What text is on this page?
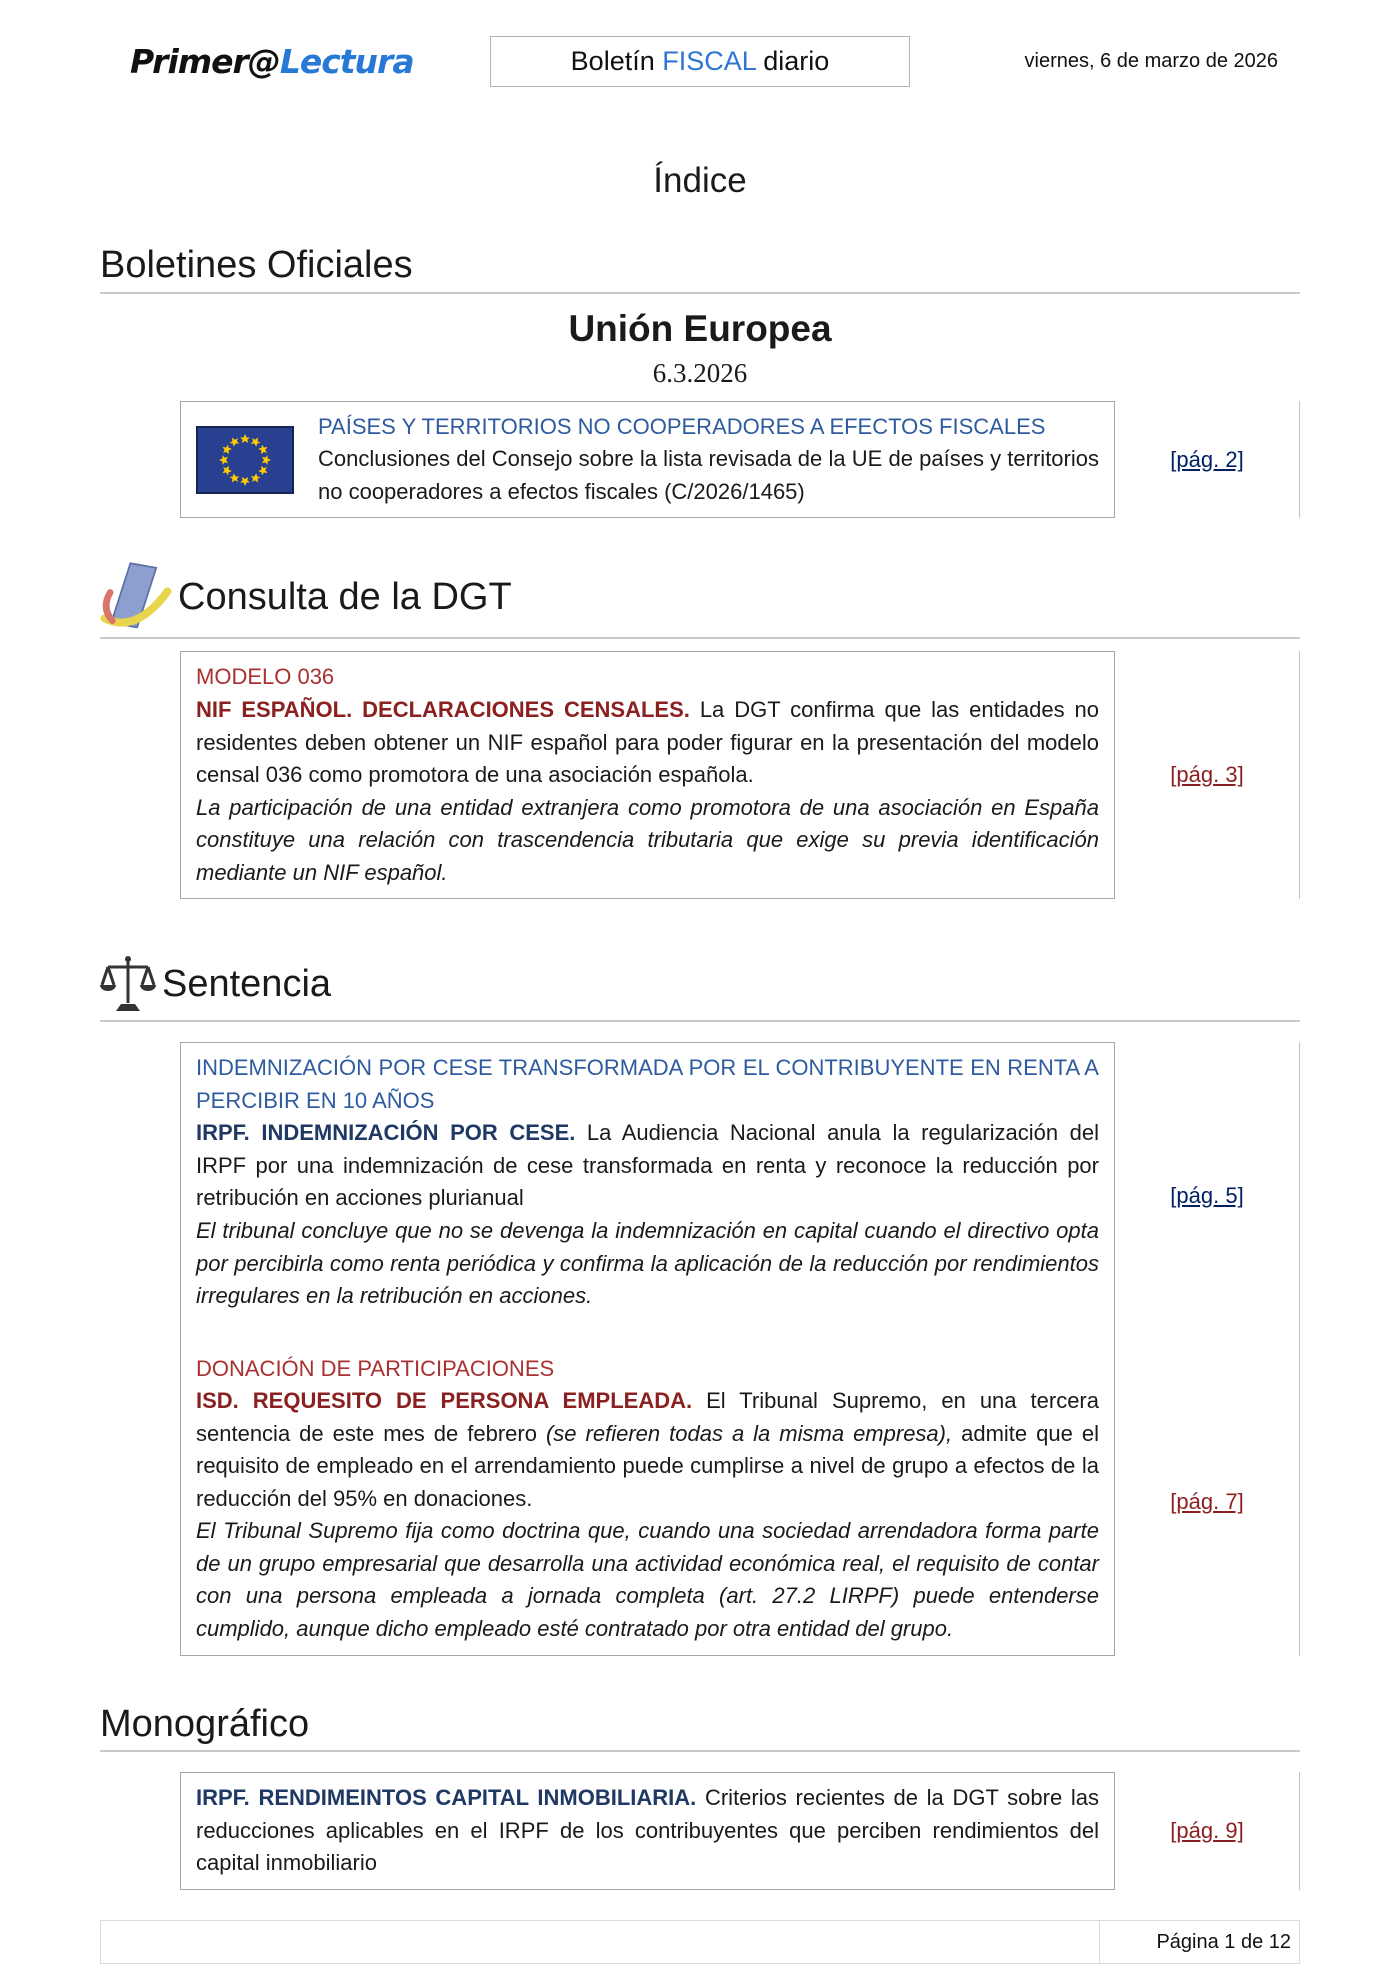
Primer@Lectura	Boletín FISCAL diario	viernes, 6 de marzo de 2026
Índice
Boletines Oficiales
Unión Europea
6.3.2026

PAÍSES Y TERRITORIOS NO COOPERADORES A EFECTOS FISCALES

Conclusiones del Consejo sobre la lista revisada de la UE de países y territorios no cooperadores a efectos fiscales (C/2026/1465)

[pág. 2]
Consulta de la DGT

MODELO 036

NIF ESPAÑOL. DECLARACIONES CENSALES. La DGT confirma que las entidades no residentes deben obtener un NIF español para poder figurar en la presentación del modelo censal 036 como promotora de una asociación española.

La participación de una entidad extranjera como promotora de una asociación en España constituye una relación con trascendencia tributaria que exige su previa identificación mediante un NIF español.

[pág. 3]
Sentencia

INDEMNIZACIÓN POR CESE TRANSFORMADA POR EL CONTRIBUYENTE EN RENTA A PERCIBIR EN 10 AÑOS

IRPF. INDEMNIZACIÓN POR CESE. La Audiencia Nacional anula la regularización del IRPF por una indemnización de cese transformada en renta y reconoce la reducción por retribución en acciones plurianual

El tribunal concluye que no se devenga la indemnización en capital cuando el directivo opta por percibirla como renta periódica y confirma la aplicación de la reducción por rendimientos irregulares en la retribución en acciones.

DONACIÓN DE PARTICIPACIONES

ISD. REQUESITO DE PERSONA EMPLEADA. El Tribunal Supremo, en una tercera sentencia de este mes de febrero (se refieren todas a la misma empresa), admite que el requisito de empleado en el arrendamiento puede cumplirse a nivel de grupo a efectos de la reducción del 95% en donaciones.

El Tribunal Supremo fija como doctrina que, cuando una sociedad arrendadora forma parte de un grupo empresarial que desarrolla una actividad económica real, el requisito de contar con una persona empleada a jornada completa (art. 27.2 LIRPF) puede entenderse cumplido, aunque dicho empleado esté contratado por otra entidad del grupo.

[pág. 5]
[pág. 7]
Monográfico

IRPF. RENDIMEINTOS CAPITAL INMOBILIARIA. Criterios recientes de la DGT sobre las reducciones aplicables en el IRPF de los contribuyentes que perciben rendimientos del capital inmobiliario

[pág. 9]
Página 1 de 12
